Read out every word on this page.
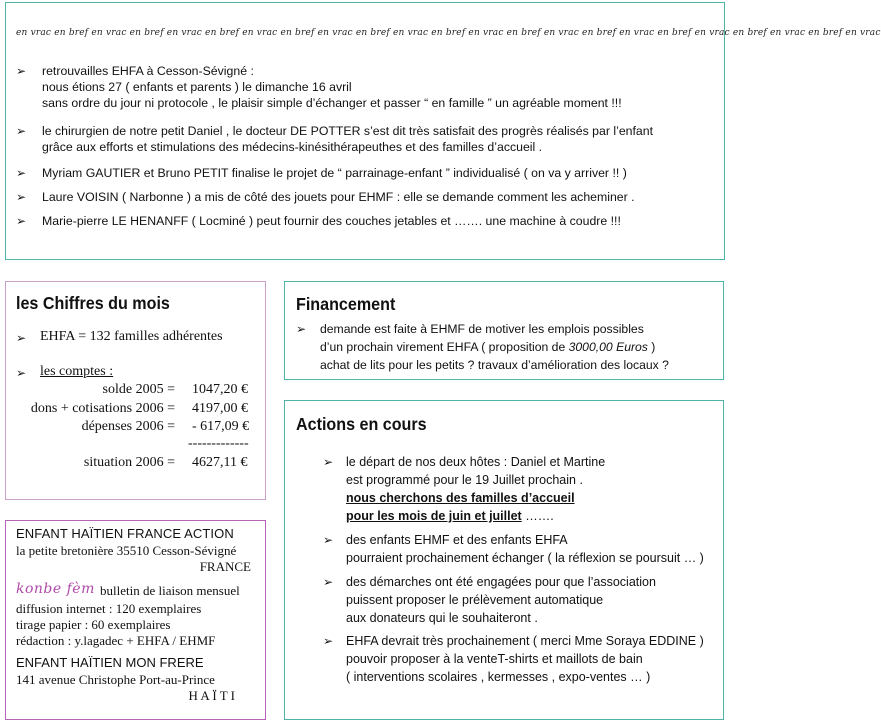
en vrac en bref en vrac en bref en vrac en bref en vrac en bref en vrac en bref en vrac en bref en vrac en bref en vrac en bref en vrac en bref en vrac en bref en vrac en bref en vrac
➢ retrouvailles EHFA à Cesson-Sévigné :
nous étions 27 ( enfants et parents ) le dimanche 16 avril
sans ordre du jour ni protocole , le plaisir simple d’échanger et passer “ en famille ” un agréable moment !!!
➢ le chirurgien de notre petit Daniel , le docteur DE POTTER s’est dit très satisfait des progrès réalisés par l’enfant
grâce aux efforts et stimulations des médecins-kinésithérapeuthes et des familles d’accueil .
➢ Myriam GAUTIER et Bruno PETIT finalise le projet de “ parrainage-enfant ” individualisé ( on va y arriver !! )
➢ Laure VOISIN ( Narbonne ) a mis de côté des jouets pour EHMF : elle se demande comment les acheminer .
➢ Marie-pierre LE HENANFF ( Locminé ) peut fournir des couches jetables et ……. une machine à coudre !!!
les Chiffres du mois
➢ EHFA = 132 familles adhérentes
➢ les comptes :
solde 2005 = 1047,20 €
dons + cotisations 2006 = 4197,00 €
dépenses 2006 = - 617,09 €
-------------
situation 2006 = 4627,11 €
Financement
➢ demande est faite à EHMF de motiver les emplois possibles
d’un prochain virement EHFA ( proposition de 3000,00 Euros )
achat de lits pour les petits ? travaux d’amélioration des locaux ?
Actions en cours
➢ le départ de nos deux hôtes : Daniel et Martine
est programmé pour le 19 Juillet prochain .
nous cherchons des familles d’accueil
pour les mois de juin et juillet …….
➢ des enfants EHMF et des enfants EHFA
pourraient prochainement échanger ( la réflexion se poursuit … )
➢ des démarches ont été engagées pour que l’association
puissent proposer le prélèvement automatique
aux donateurs qui le souhaiteront .
➢ EHFA devrait très prochainement ( merci Mme Soraya EDDINE )
pouvoir proposer à la venteT-shirts et maillots de bain
( interventions scolaires , kermesses , expo-ventes … )
ENFANT HAÏTIEN FRANCE ACTION
la petite bretonière 35510 Cesson-Sévigné
FRANCE
konbe fèm bulletin de liaison mensuel
diffusion internet : 120 exemplaires
tirage papier : 60 exemplaires
rédaction : y.lagadec + EHFA / EHMF
ENFANT HAÏTIEN MON FRERE
141 avenue Christophe Port-au-Prince
H A Ï T I
